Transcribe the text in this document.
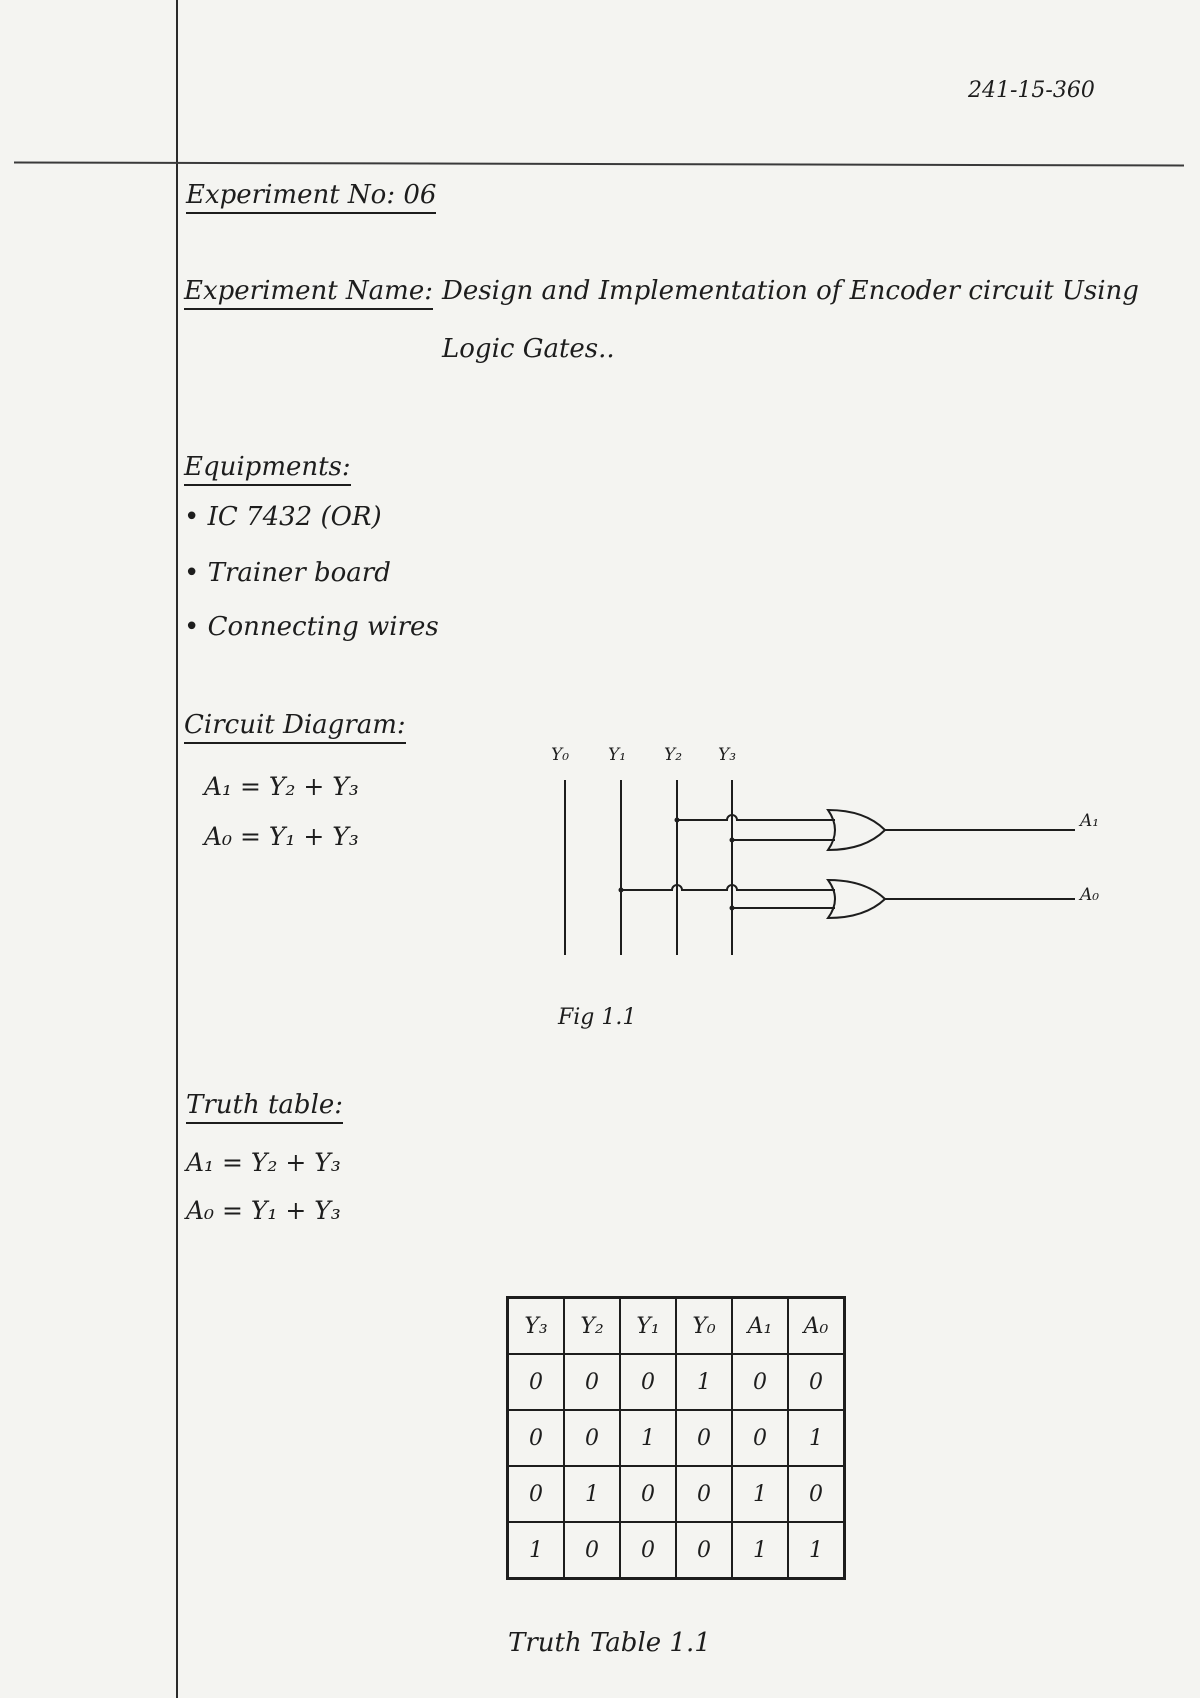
241-15-360
Experiment No: 06
Experiment Name: Design and Implementation of Encoder circuit Using
Logic Gates..
Equipments:
• IC 7432 (OR)
• Trainer board
• Connecting wires
Circuit Diagram:
A₁ = Y₂ + Y₃
A₀ = Y₁ + Y₃
Y₀ Y₁ Y₂ Y₃
A₁
A₀
Fig 1.1
Truth table:
A₁ = Y₂ + Y₃
A₀ = Y₁ + Y₃
Y₃	Y₂	Y₁	Y₀	A₁	A₀
0	0	0	1	0	0
0	0	1	0	0	1
0	1	0	0	1	0
1	0	0	0	1	1
Truth Table 1.1
